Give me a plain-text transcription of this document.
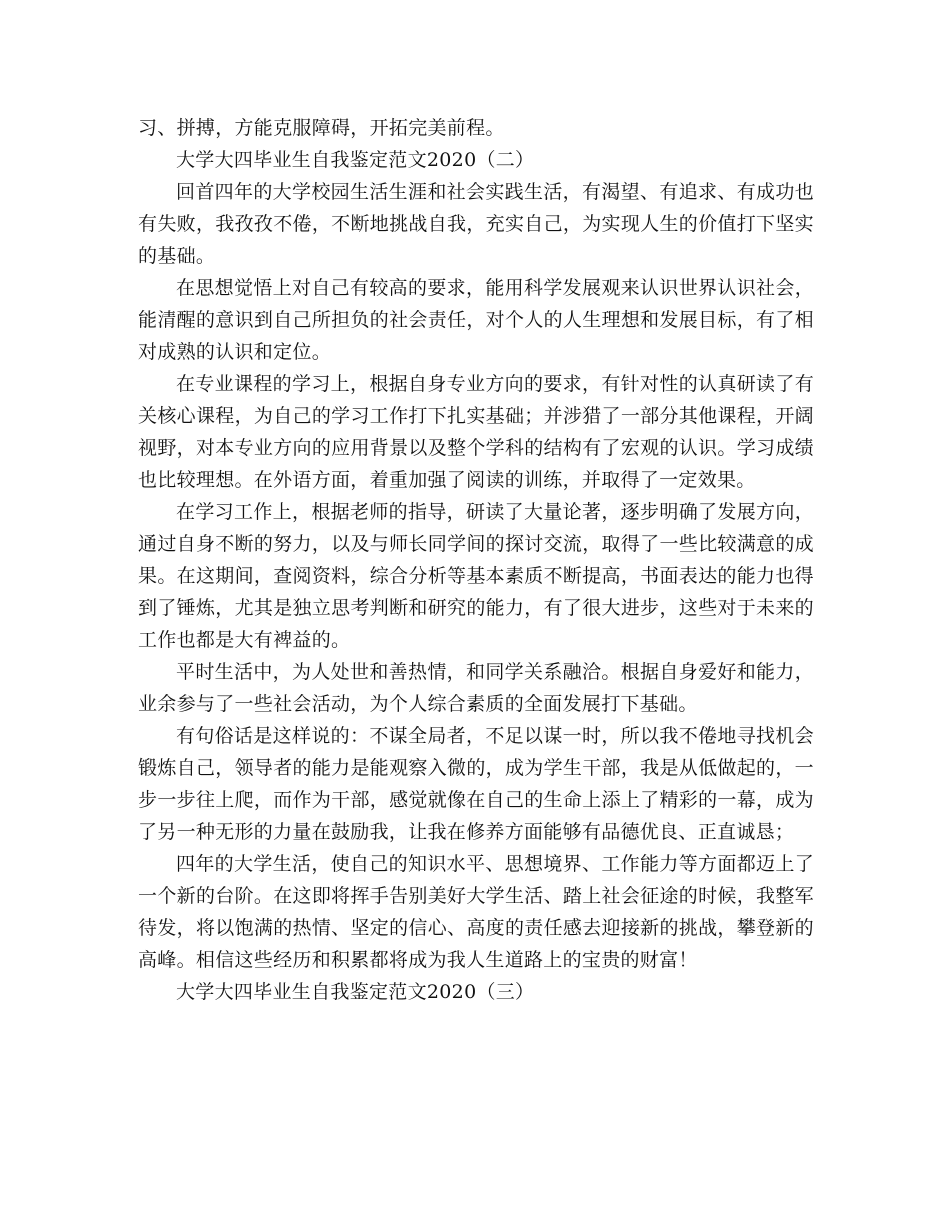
习、拼搏，方能克服障碍，开拓完美前程。

大学大四毕业生自我鉴定范文2020（二）

回首四年的大学校园生活生涯和社会实践生活，有渴望、有追求、有成功也有失败，我孜孜不倦，不断地挑战自我，充实自己，为实现人生的价值打下坚实的基础。

在思想觉悟上对自己有较高的要求，能用科学发展观来认识世界认识社会，能清醒的意识到自己所担负的社会责任，对个人的人生理想和发展目标，有了相对成熟的认识和定位。

在专业课程的学习上，根据自身专业方向的要求，有针对性的认真研读了有关核心课程，为自己的学习工作打下扎实基础；并涉猎了一部分其他课程，开阔视野，对本专业方向的应用背景以及整个学科的结构有了宏观的认识。学习成绩也比较理想。在外语方面，着重加强了阅读的训练，并取得了一定效果。

在学习工作上，根据老师的指导，研读了大量论著，逐步明确了发展方向，通过自身不断的努力，以及与师长同学间的探讨交流，取得了一些比较满意的成果。在这期间，查阅资料，综合分析等基本素质不断提高，书面表达的能力也得到了锤炼，尤其是独立思考判断和研究的能力，有了很大进步，这些对于未来的工作也都是大有裨益的。

平时生活中，为人处世和善热情，和同学关系融洽。根据自身爱好和能力，业余参与了一些社会活动，为个人综合素质的全面发展打下基础。

有句俗话是这样说的：不谋全局者，不足以谋一时，所以我不倦地寻找机会锻炼自己，领导者的能力是能观察入微的，成为学生干部，我是从低做起的，一步一步往上爬，而作为干部，感觉就像在自己的生命上添上了精彩的一幕，成为了另一种无形的力量在鼓励我，让我在修养方面能够有品德优良、正直诚恳；

四年的大学生活，使自己的知识水平、思想境界、工作能力等方面都迈上了一个新的台阶。在这即将挥手告别美好大学生活、踏上社会征途的时候，我整军待发，将以饱满的热情、坚定的信心、高度的责任感去迎接新的挑战，攀登新的高峰。相信这些经历和积累都将成为我人生道路上的宝贵的财富！

大学大四毕业生自我鉴定范文2020（三）
